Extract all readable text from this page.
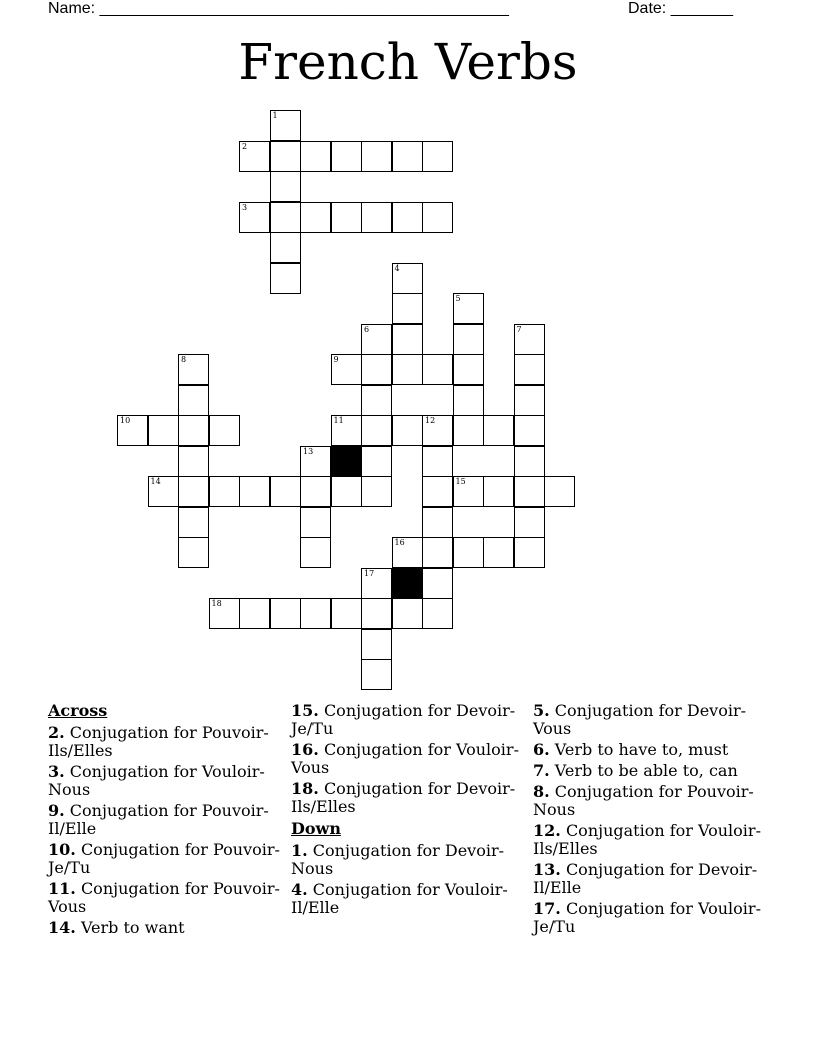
Name: ______________________________________________	Date: _______
French Verbs
1
2
3
4
5
6	7
8	9
10	11	12
13
14	15
16
17
18
Across
2. Conjugation for Pouvoir- Ils/Elles
3. Conjugation for Vouloir- Nous
9. Conjugation for Pouvoir- Il/Elle
10. Conjugation for Pouvoir- Je/Tu
11. Conjugation for Pouvoir- Vous
14. Verb to want
15. Conjugation for Devoir- Je/Tu
16. Conjugation for Vouloir- Vous
18. Conjugation for Devoir- Ils/Elles
Down
1. Conjugation for Devoir- Nous
4. Conjugation for Vouloir- Il/Elle
5. Conjugation for Devoir- Vous
6. Verb to have to, must
7. Verb to be able to, can
8. Conjugation for Pouvoir- Nous
12. Conjugation for Vouloir- Ils/Elles
13. Conjugation for Devoir- Il/Elle
17. Conjugation for Vouloir- Je/Tu
